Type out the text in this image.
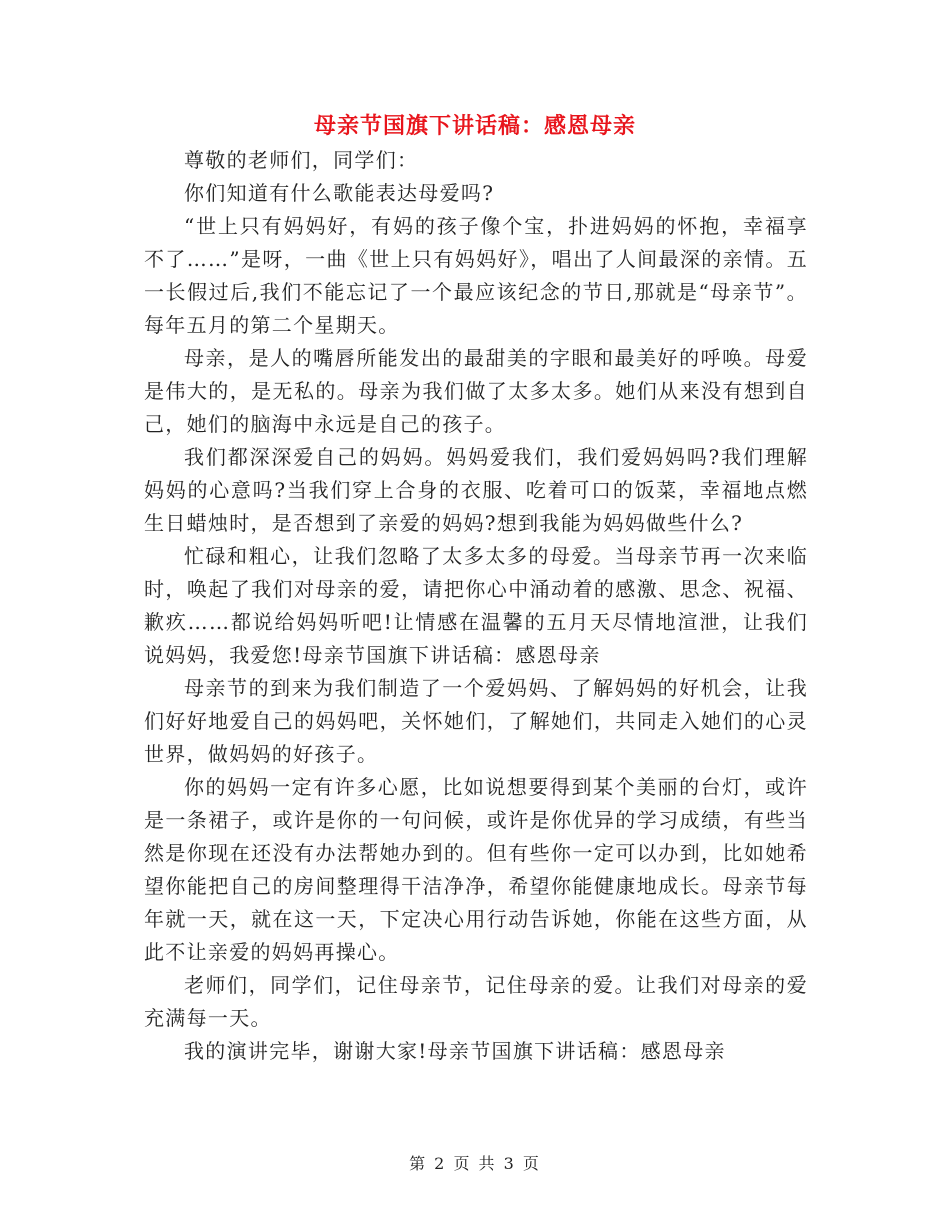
母亲节国旗下讲话稿：感恩母亲

尊敬的老师们，同学们：

你们知道有什么歌能表达母爱吗?

“世上只有妈妈好，有妈的孩子像个宝，扑进妈妈的怀抱，幸福享不了……”是呀，一曲《世上只有妈妈好》，唱出了人间最深的亲情。五一长假过后,我们不能忘记了一个最应该纪念的节日,那就是“母亲节”。每年五月的第二个星期天。

母亲，是人的嘴唇所能发出的最甜美的字眼和最美好的呼唤。母爱是伟大的，是无私的。母亲为我们做了太多太多。她们从来没有想到自己，她们的脑海中永远是自己的孩子。

我们都深深爱自己的妈妈。妈妈爱我们，我们爱妈妈吗?我们理解妈妈的心意吗?当我们穿上合身的衣服、吃着可口的饭菜，幸福地点燃生日蜡烛时，是否想到了亲爱的妈妈?想到我能为妈妈做些什么?

忙碌和粗心，让我们忽略了太多太多的母爱。当母亲节再一次来临时，唤起了我们对母亲的爱，请把你心中涌动着的感激、思念、祝福、歉疚……都说给妈妈听吧!让情感在温馨的五月天尽情地渲泄，让我们说妈妈，我爱您!母亲节国旗下讲话稿：感恩母亲

母亲节的到来为我们制造了一个爱妈妈、了解妈妈的好机会，让我们好好地爱自己的妈妈吧，关怀她们，了解她们，共同走入她们的心灵世界，做妈妈的好孩子。

你的妈妈一定有许多心愿，比如说想要得到某个美丽的台灯，或许是一条裙子，或许是你的一句问候，或许是你优异的学习成绩，有些当然是你现在还没有办法帮她办到的。但有些你一定可以办到，比如她希望你能把自己的房间整理得干洁净净，希望你能健康地成长。母亲节每年就一天，就在这一天，下定决心用行动告诉她，你能在这些方面，从此不让亲爱的妈妈再操心。

老师们，同学们，记住母亲节，记住母亲的爱。让我们对母亲的爱充满每一天。

我的演讲完毕，谢谢大家!母亲节国旗下讲话稿：感恩母亲

第 2 页 共 3 页
